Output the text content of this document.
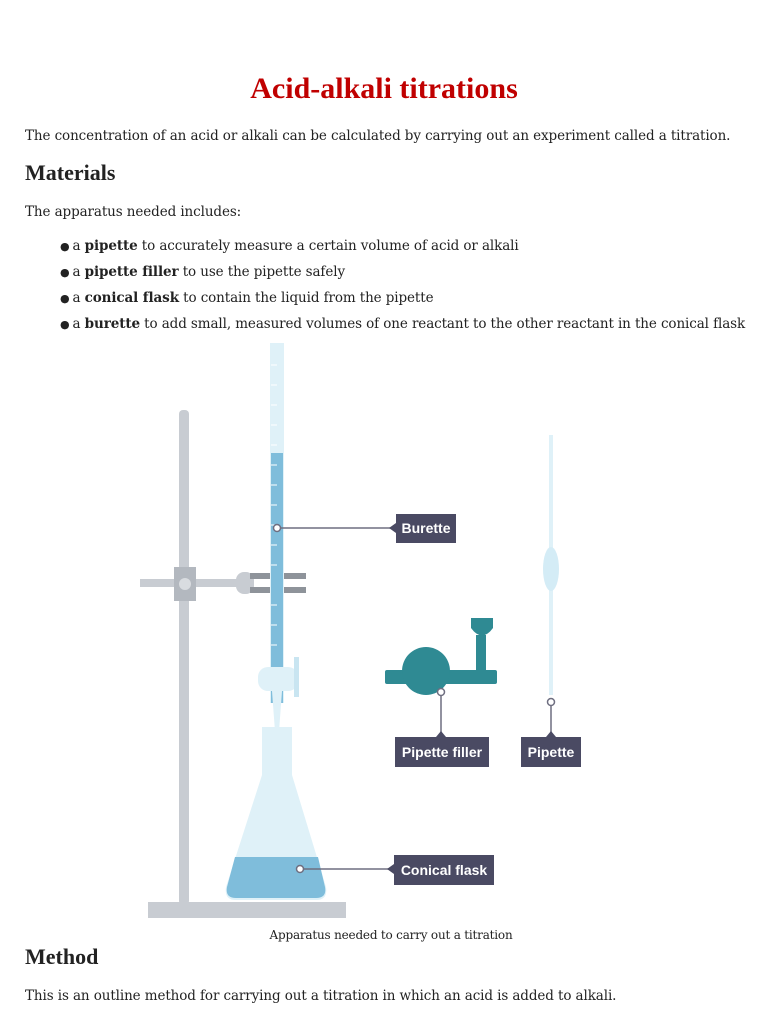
Acid-alkali titrations

The concentration of an acid or alkali can be calculated by carrying out an experiment called a titration.

Materials

The apparatus needed includes:

● a pipette to accurately measure a certain volume of acid or alkali
● a pipette filler to use the pipette safely
● a conical flask to contain the liquid from the pipette
● a burette to add small, measured volumes of one reactant to the other reactant in the conical flask
Burette
Conical flask
Pipette filler	Pipette
Apparatus needed to carry out a titration
Method

This is an outline method for carrying out a titration in which an acid is added to alkali.
